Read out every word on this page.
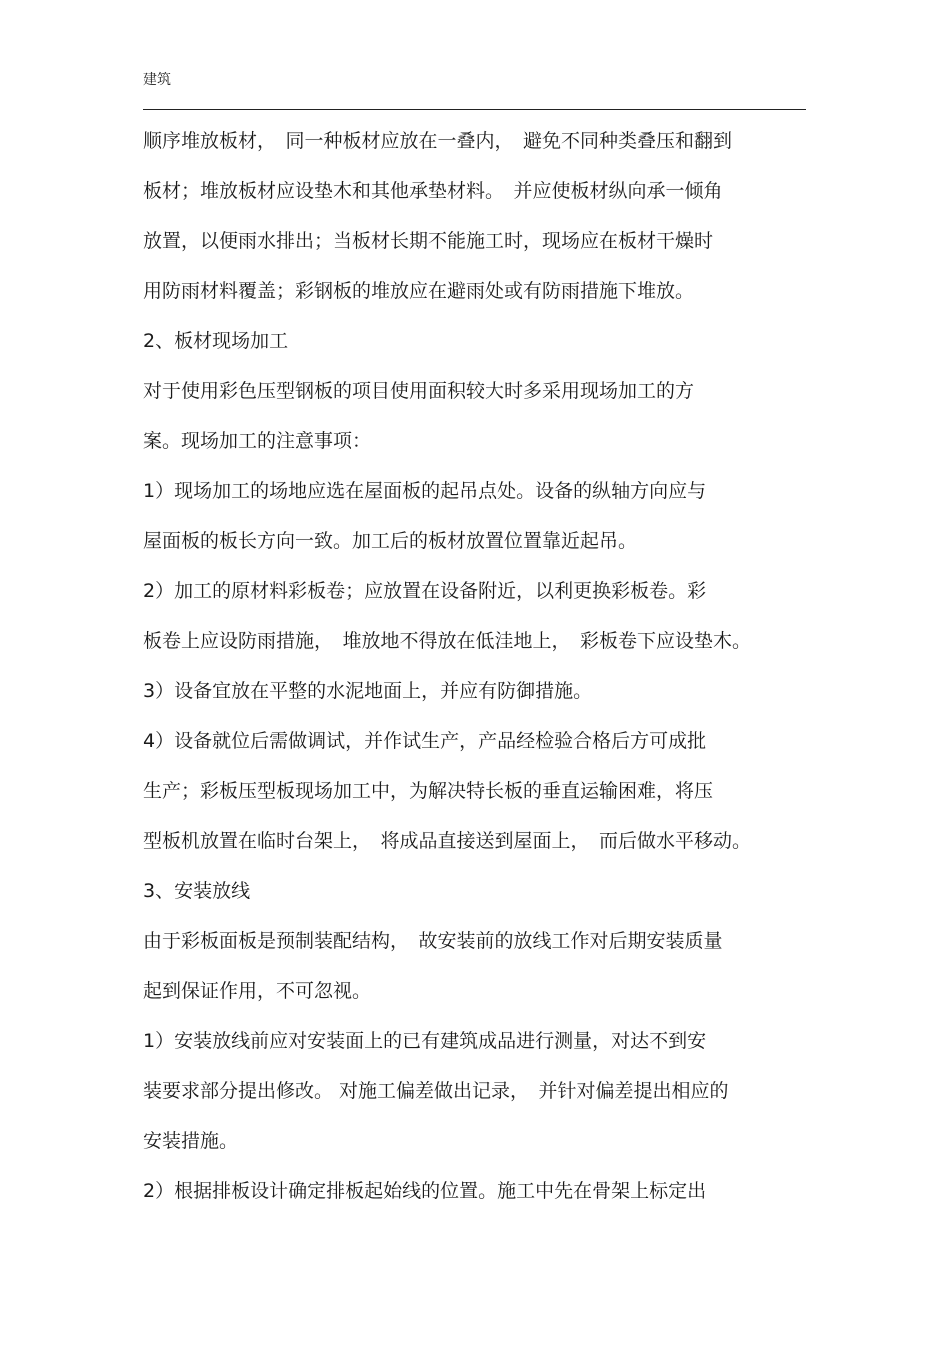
建筑
顺序堆放板材，　同一种板材应放在一叠内，　避免不同种类叠压和翻到
板材；堆放板材应设垫木和其他承垫材料。　并应使板材纵向承一倾角
放置，以便雨水排出；当板材长期不能施工时，现场应在板材干燥时
用防雨材料覆盖；彩钢板的堆放应在避雨处或有防雨措施下堆放。
2、板材现场加工
对于使用彩色压型钢板的项目使用面积较大时多采用现场加工的方
案。现场加工的注意事项：
1）现场加工的场地应选在屋面板的起吊点处。设备的纵轴方向应与
屋面板的板长方向一致。加工后的板材放置位置靠近起吊。
2）加工的原材料彩板卷；应放置在设备附近，以利更换彩板卷。彩
板卷上应设防雨措施，　堆放地不得放在低洼地上，　彩板卷下应设垫木。
3）设备宜放在平整的水泥地面上，并应有防御措施。
4）设备就位后需做调试，并作试生产，产品经检验合格后方可成批
生产；彩板压型板现场加工中，为解决特长板的垂直运输困难，将压
型板机放置在临时台架上，　将成品直接送到屋面上，　而后做水平移动。
3、安装放线
由于彩板面板是预制装配结构，　故安装前的放线工作对后期安装质量
起到保证作用，不可忽视。
1）安装放线前应对安装面上的已有建筑成品进行测量，对达不到安
装要求部分提出修改。 对施工偏差做出记录，　并针对偏差提出相应的
安装措施。
2）根据排板设计确定排板起始线的位置。施工中先在骨架上标定出
